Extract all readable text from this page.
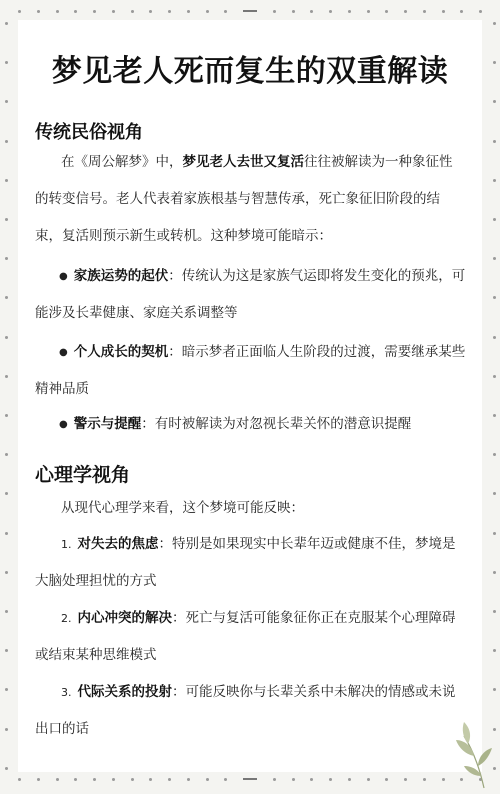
梦见老人死而复生的双重解读
传统民俗视角
在《周公解梦》中，梦见老人去世又复活往往被解读为一种象征性的转变信号。老人代表着家族根基与智慧传承，死亡象征旧阶段的结束，复活则预示新生或转机。这种梦境可能暗示：
● 家族运势的起伏：传统认为这是家族气运即将发生变化的预兆，可能涉及长辈健康、家庭关系调整等
● 个人成长的契机：暗示梦者正面临人生阶段的过渡，需要继承某些精神品质
● 警示与提醒：有时被解读为对忽视长辈关怀的潜意识提醒
心理学视角
从现代心理学来看，这个梦境可能反映：
1. 对失去的焦虑：特别是如果现实中长辈年迈或健康不佳，梦境是大脑处理担忧的方式
2. 内心冲突的解决：死亡与复活可能象征你正在克服某个心理障碍或结束某种思维模式
3. 代际关系的投射：可能反映你与长辈关系中未解决的情感或未说出口的话
